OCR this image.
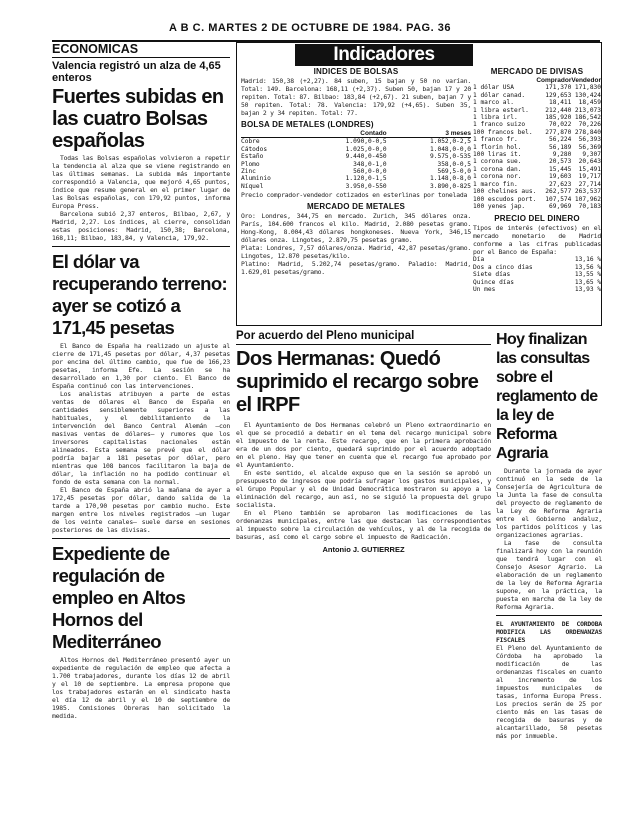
A B C. MARTES 2 DE OCTUBRE DE 1984. PAG. 36
ECONOMICAS
Valencia registró un alza de 4,65 enteros
Fuertes subidas en las cuatro Bolsas españolas

Todas las Bolsas españolas volvieron a repetir la tendencia al alza que se viene registrando en las últimas semanas. La subida más importante correspondió a Valencia, que mejoró 4,65 puntos, índice que resume general en el primer lugar de las Bolsas españolas, con 179,92 puntos, informa Europa Press.

Barcelona subió 2,37 enteros, Bilbao, 2,67, y Madrid, 2,27. Los índices, al cierre, consolidan estas posiciones: Madrid, 150,38; Barcelona, 168,11; Bilbao, 183,84, y Valencia, 179,92.

El dólar va recuperando terreno: ayer se cotizó a 171,45 pesetas

El Banco de España ha realizado un ajuste al cierre de 171,45 pesetas por dólar, 4,37 pesetas por encima del último cambio, que fue de 166,23 pesetas, informa Efe. La sesión se ha desarrollado en 1,30 por ciento. El Banco de España continuó con las intervenciones.

Los analistas atribuyen a parte de estas ventas de dólares el Banco de España en cantidades sensiblemente superiores a las habituales, y el debilitamiento de la intervención del Banco Central Alemán —con masivas ventas de dólares— y rumores que los inversores capitalistas nacionales están alineados. Esta semana se prevé que el dólar podría bajar a 181 pesetas por dólar, pero mientras que 108 bancos facilitaron la baja de dólar, la inflación no ha podido continuar el fondo de esta semana con la normal.

El Banco de España abrió la mañana de ayer a 172,45 pesetas por dólar, dando salida de la tarde a 170,90 pesetas por cambio mucho. Este margen entre los niveles registrados —un lugar de los veinte canales— suele darse en sesiones posteriores de las divisas.

Expediente de regulación de empleo en Altos Hornos del Mediterráneo

Altos Hornos del Mediterráneo presentó ayer un expediente de regulación de empleo que afecta a 1.700 trabajadores, durante los días 12 de abril y el 10 de septiembre. La empresa propone que los trabajadores estarán en el sindicato hasta el día 12 de abril y el 10 de septiembre de 1985. Comisiones Obreras han solicitado la medida.

Indicadores
INDICES DE BOLSAS
Madrid: 150,38 (+2,27). 84 suben, 15 bajan y 50 no varían. Total: 149. Barcelona: 168,11 (+2,37). Suben 50, bajan 17 y 20 repiten. Total: 87. Bilbao: 183,84 (+2,67). 21 suben, bajan 7 y 50 repiten. Total: 78. Valencia: 179,92 (+4,65). Suben 35, bajan 2 y 34 repiten. Total: 77.
BOLSA DE METALES (LONDRES)
	Contado	3 meses
Cobre	1.090,0-0,5	1.052,0-2,5
Cátodos	1.025,0-0,0	1.048,0-0,0
Estaño	9.440,0-450	9.575,0-535
Plomo	348,0-1,0	358,0-0,5
Zinc	560,0-0,0	569,5-0,0
Aluminio	1.120,0-1,5	1.148,0-8,0
Níquel	3.950,0-550	3.890,0-825
Precio comprador-vendedor cotizados en esterlinas por tonelada
MERCADO DE METALES
Oro: Londres, 344,75 en mercado. Zurich, 345 dólares onza. París, 104.600 francos el kilo. Madrid, 2.080 pesetas gramo. Hong-Kong, 8.004,43 dólares hongkoneses. Nueva York, 346,15 dólares onza. Lingotes, 2.879,75 pesetas gramo.
Plata: Londres, 7,57 dólares/onza. Madrid, 42,87 pesetas/gramo. Lingotes, 12.870 pesetas/kilo.
Platino: Madrid, 5.202,74 pesetas/gramo. Paladio: Madrid, 1.629,01 pesetas/gramo.
MERCADO DE DIVISAS
	Comprador	Vendedor
1 dólar USA	171,370	171,830
1 dólar canad.	129,653	130,424
1 marco al.	18,411	18,459
1 libra esterl.	212,440	213,073
1 libra irl.	185,920	186,542
1 franco suizo	70,022	70,226
100 francos bel.	277,870	278,840
1 franco fr.	56,224	56,393
1 florín hol.	56,189	56,369
100 liras it.	9,280	9,307
1 corona sue.	20,573	20,643
1 corona dan.	15,445	15,491
1 corona nor.	19,603	19,717
1 marco fin.	27,623	27,714
100 chelines aus.	262,577	263,537
100 escudos port.	107,574	107,962
100 yenes jap.	69,969	70,183
PRECIO DEL DINERO
Tipos de interés (efectivos) en el mercado monetario de Madrid conforme a las cifras publicadas por el Banco de España:
Día	13,16 %
Dos a cinco días	13,56 %
Siete días	13,55 %
Quince días	13,65 %
Un mes	13,93 %
Por acuerdo del Pleno municipal
Dos Hermanas: Quedó suprimido el recargo sobre el IRPF

El Ayuntamiento de Dos Hermanas celebró un Pleno extraordinario en el que se procedió a debatir en el tema del recargo municipal sobre el impuesto de la renta. Este recargo, que en la primera aprobación era de un dos por ciento, quedará suprimido por el acuerdo adoptado en el pleno. Hay que tener en cuenta que el recargo fue aprobado por el Ayuntamiento.

En este sentido, el alcalde expuso que en la sesión se aprobó un presupuesto de ingresos que podría sufragar los gastos municipales, y el Grupo Popular y el de Unidad Democrática mostraron su apoyo a la eliminación del recargo, aun así, no se siguió la propuesta del grupo socialista.

En el Pleno también se aprobaron las modificaciones de las ordenanzas municipales, entre las que destacan las correspondientes al impuesto sobre la circulación de vehículos, y al de la recogida de basuras, así como el cargo sobre el impuesto de Radicación.

Antonio J. GUTIERREZ
Hoy finalizan las consultas sobre el reglamento de la ley de Reforma Agraria

Durante la jornada de ayer continuó en la sede de la Consejería de Agricultura de la Junta la fase de consulta del proyecto de reglamento de la Ley de Reforma Agraria entre el Gobierno andaluz, los partidos políticos y las organizaciones agrarias.

La fase de consulta finalizará hoy con la reunión que tendrá lugar con el Consejo Asesor Agrario. La elaboración de un reglamento de la ley de Reforma Agraria supone, en la práctica, la puesta en marcha de la ley de Reforma Agraria.

EL AYUNTAMIENTO DE CORDOBA MODIFICA LAS ORDENANZAS FISCALES
El Pleno del Ayuntamiento de Córdoba ha aprobado la modificación de las ordenanzas fiscales en cuanto al incremento de los impuestos municipales de tasas, informa Europa Press. Los precios serán de 25 por ciento más en las tasas de recogida de basuras y de alcantarillado, 50 pesetas más por inmueble.
